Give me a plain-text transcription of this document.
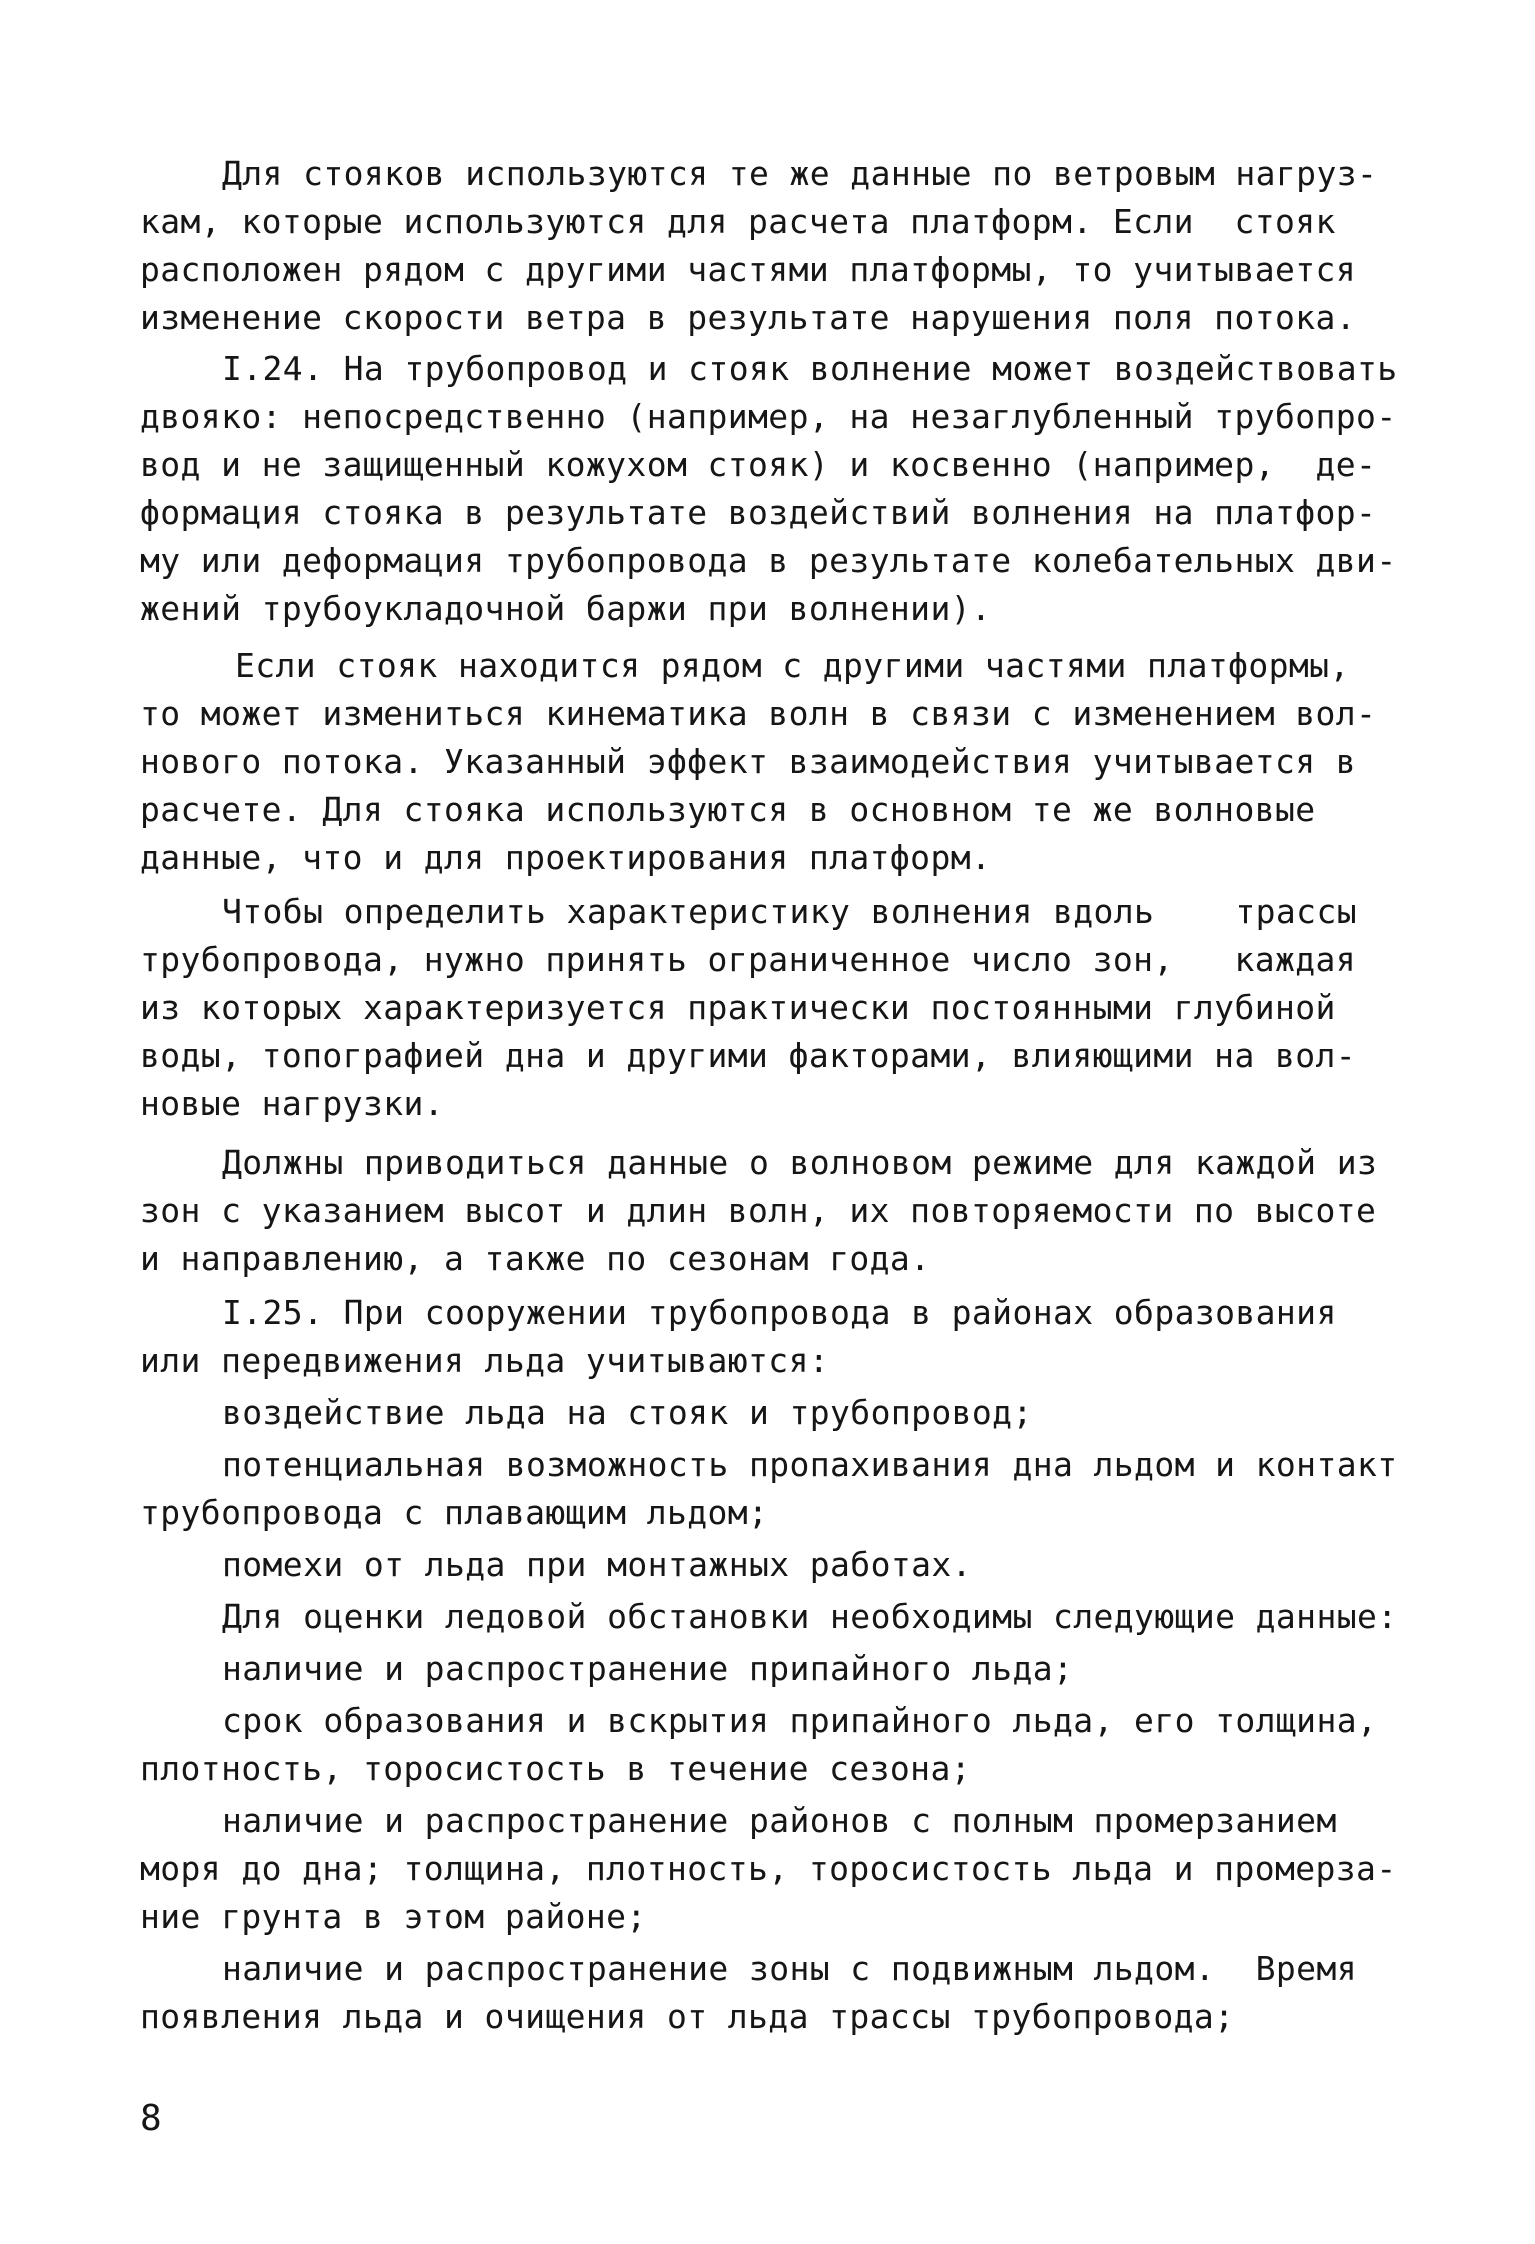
Для стояков используются те же данные по ветровым нагруз-
кам, которые используются для расчета платформ. Если  стояк
расположен рядом с другими частями платформы, то учитывается
изменение скорости ветра в результате нарушения поля потока.
I.24. На трубопровод и стояк волнение может воздействовать
двояко: непосредственно (например, на незаглубленный трубопро-
вод и не защищенный кожухом стояк) и косвенно (например,  де-
формация стояка в результате воздействий волнения на платфор-
му или деформация трубопровода в результате колебательных дви-
жений трубоукладочной баржи при волнении).
Если стояк находится рядом с другими частями платформы,
то может измениться кинематика волн в связи с изменением вол-
нового потока. Указанный эффект взаимодействия учитывается в
расчете. Для стояка используются в основном те же волновые
данные, что и для проектирования платформ.
Чтобы определить характеристику волнения вдоль    трассы
трубопровода, нужно принять ограниченное число зон,   каждая
из которых характеризуется практически постоянными глубиной
воды, топографией дна и другими факторами, влияющими на вол-
новые нагрузки.
Должны приводиться данные о волновом режиме для каждой из
зон с указанием высот и длин волн, их повторяемости по высоте
и направлению, а также по сезонам года.
I.25. При сооружении трубопровода в районах образования
или передвижения льда учитываются:
воздействие льда на стояк и трубопровод;
потенциальная возможность пропахивания дна льдом и контакт
трубопровода с плавающим льдом;
помехи от льда при монтажных работах.
Для оценки ледовой обстановки необходимы следующие данные:
наличие и распространение припайного льда;
срок образования и вскрытия припайного льда, его толщина,
плотность, торосистость в течение сезона;
наличие и распространение районов с полным промерзанием
моря до дна; толщина, плотность, торосистость льда и промерза-
ние грунта в этом районе;
наличие и распространение зоны с подвижным льдом.  Время
появления льда и очищения от льда трассы трубопровода;
8
